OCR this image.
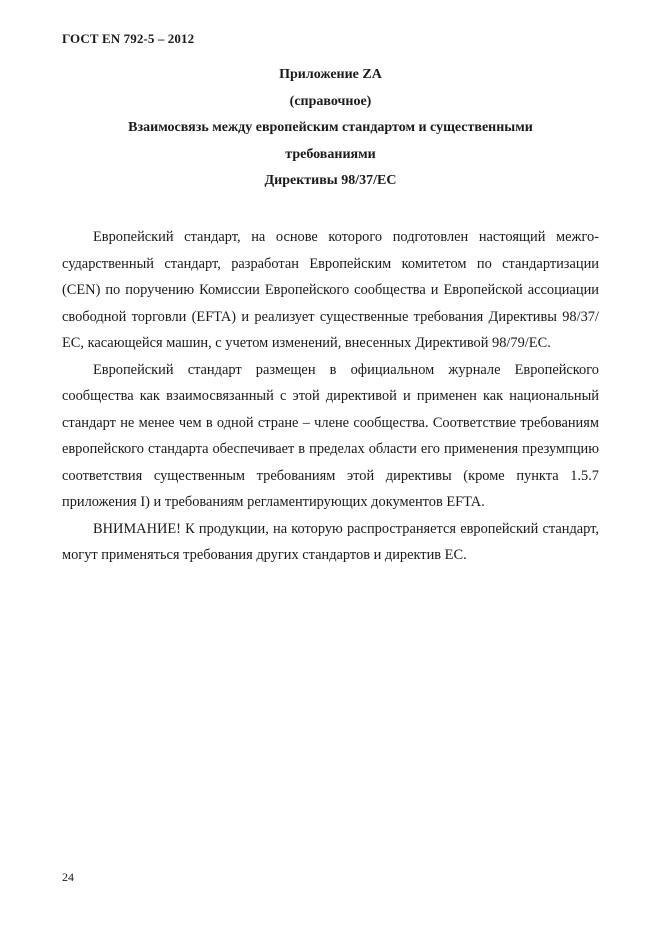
ГОСТ EN 792-5 – 2012
Приложение ZA
(справочное)
Взаимосвязь между европейским стандартом и существенными
требованиями
Директивы 98/37/ЕС

Европейский стандарт, на основе которого подготовлен настоящий межгосударственный стандарт, разработан Европейским комитетом по стандартизации (CEN) по поручению Комиссии Европейского сообщества и Европейской ассоциации свободной торговли (EFTA) и реализует существенные требования Директивы 98/37/ЕС, касающейся машин, с учетом изменений, внесенных Директивой 98/79/ЕС.

Европейский стандарт размещен в официальном журнале Европейского сообщества как взаимосвязанный с этой директивой и применен как национальный стандарт не менее чем в одной стране – члене сообщества. Соответствие требованиям европейского стандарта обеспечивает в пределах области его применения презумпцию соответствия существенным требованиям этой директивы (кроме пункта 1.5.7 приложения I) и требованиям регламентирующих документов EFTA.

ВНИМАНИЕ! К продукции, на которую распространяется европейский стандарт, могут применяться требования других стандартов и директив ЕС.

24
